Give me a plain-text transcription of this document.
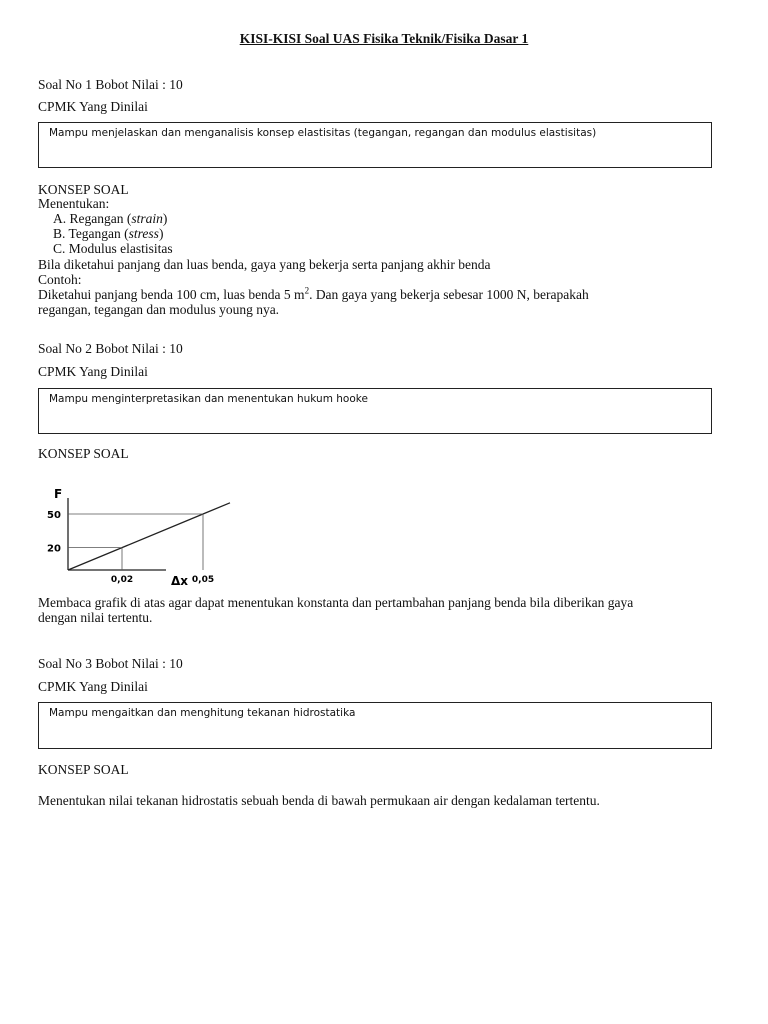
KISI-KISI Soal UAS Fisika Teknik/Fisika Dasar 1
Soal No 1 Bobot Nilai : 10
CPMK Yang Dinilai
Mampu menjelaskan dan menganalisis konsep elastisitas (tegangan, regangan dan modulus elastisitas)
KONSEP SOAL
Menentukan:
A. Regangan (strain)
B. Tegangan (stress)
C. Modulus elastisitas
Bila diketahui panjang dan luas benda, gaya yang bekerja serta panjang akhir benda
Contoh:
Diketahui panjang benda 100 cm, luas benda 5 $m^2$. Dan gaya yang bekerja sebesar 1000 N, berapakah
regangan, tegangan dan modulus young nya.
Soal No 2 Bobot Nilai : 10
CPMK Yang Dinilai
Mampu menginterpretasikan dan menentukan hukum hooke
KONSEP SOAL
F
Δx
0,02
20
0,05
50
Membaca grafik di atas agar dapat menentukan konstanta dan pertambahan panjang benda bila diberikan gaya
dengan nilai tertentu.
Soal No 3 Bobot Nilai : 10
CPMK Yang Dinilai
Mampu mengaitkan dan menghitung tekanan hidrostatika
KONSEP SOAL
Menentukan nilai tekanan hidrostatis sebuah benda di bawah permukaan air dengan kedalaman tertentu.
